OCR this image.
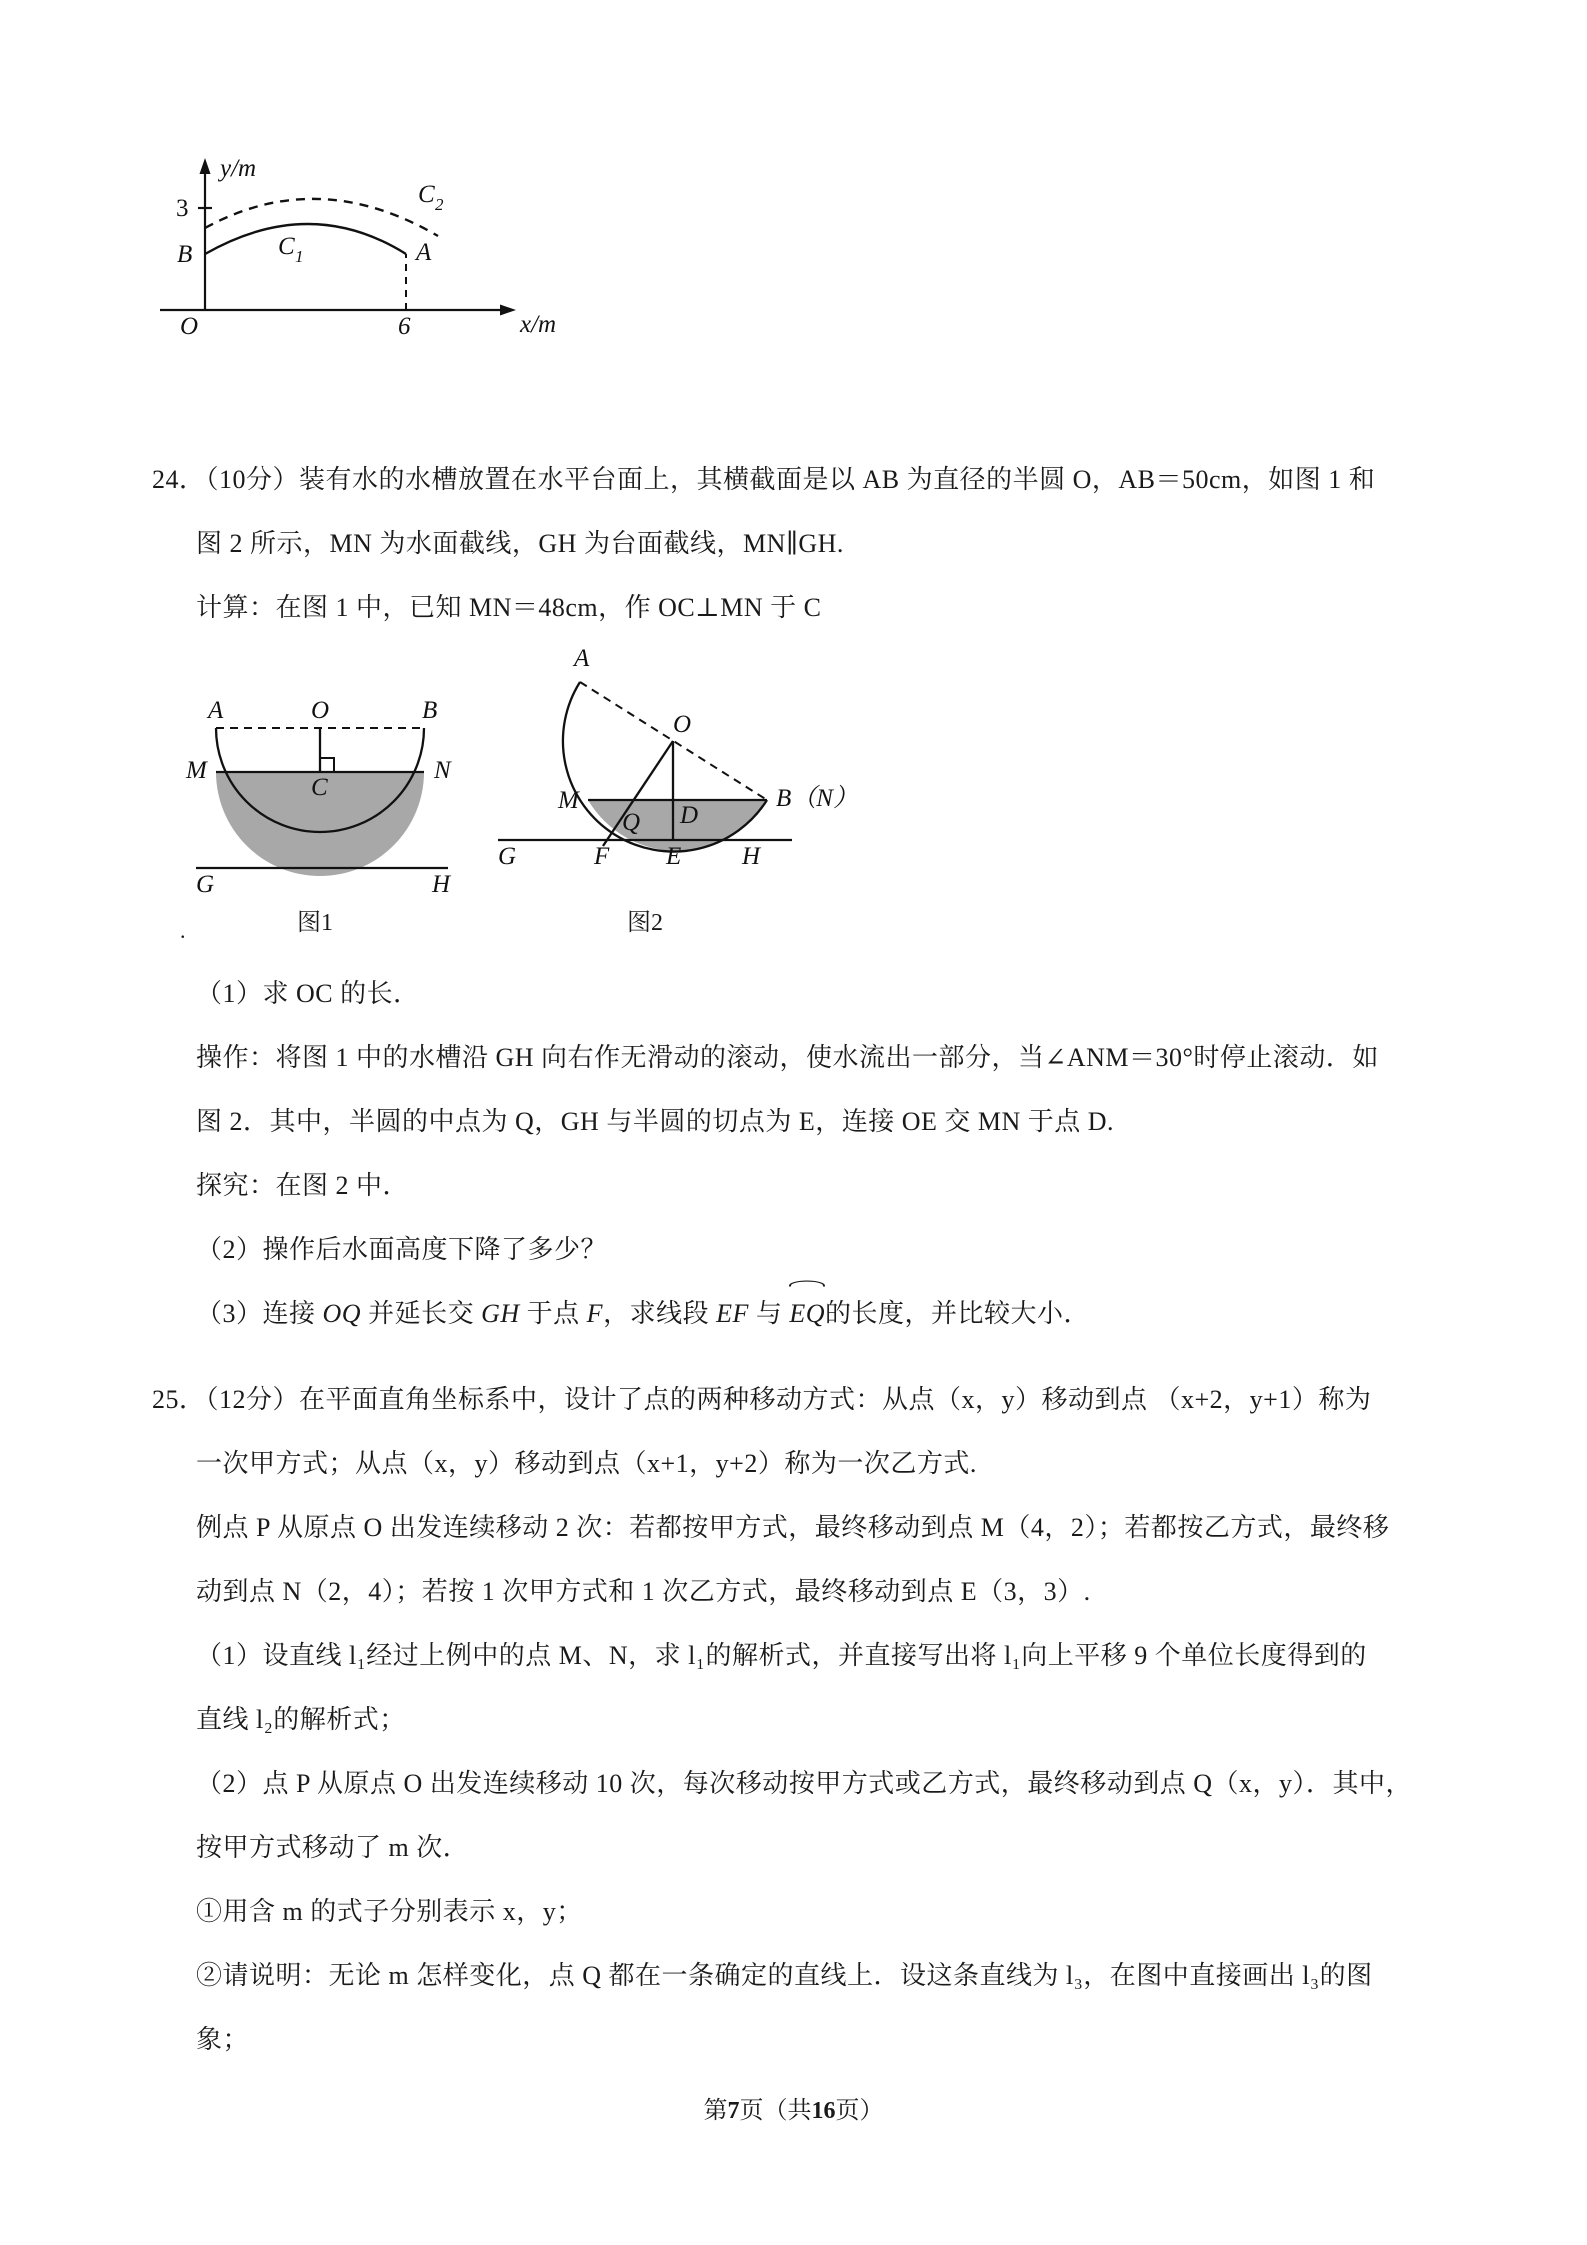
3
6
O
y/m
x/m
B	A
C 1
C 2
24．（10分）装有水的水槽放置在水平台面上，其横截面是以 AB 为直径的半圆 O，AB＝50cm，如图 1 和
图 2 所示，MN 为水面截线，GH 为台面截线，MN∥GH.
计算：在图 1 中，已知 MN＝48cm，作 OC⊥MN 于 C
A	O	B
M	N
C
G	H
图1
A
O
M
D
Q
B（N）
G	F E H
图2
.
（1）求 OC 的长．
操作：将图 1 中的水槽沿 GH 向右作无滑动的滚动，使水流出一部分，当∠ANM＝30°时停止滚动．如
图 2．其中，半圆的中点为 Q，GH 与半圆的切点为 E，连接 OE 交 MN 于点 D.
探究：在图 2 中．
（2）操作后水面高度下降了多少？
（3）连接 OQ 并延长交 GH 于点 F，求线段 EF 与 EQ的长度，并比较大小．
25．（12分）在平面直角坐标系中，设计了点的两种移动方式：从点（x，y）移动到点 （x+2，y+1）称为
一次甲方式；从点（x，y）移动到点（x+1，y+2）称为一次乙方式.
例点 P 从原点 O 出发连续移动 2 次：若都按甲方式，最终移动到点 M（4，2）；若都按乙方式，最终移
动到点 N（2，4）；若按 1 次甲方式和 1 次乙方式，最终移动到点 E（3，3）.
（1）设直线 l₁经过上例中的点 M、N，求 l₁的解析式，并直接写出将 l₁向上平移 9 个单位长度得到的
直线 l₂的解析式；
（2）点 P 从原点 O 出发连续移动 10 次，每次移动按甲方式或乙方式，最终移动到点 Q（x，y）．其中，
按甲方式移动了 m 次．
①用含 m 的式子分别表示 x，y；
②请说明：无论 m 怎样变化，点 Q 都在一条确定的直线上．设这条直线为 l₃，在图中直接画出 l₃的图
象；
第7页（共16页）
